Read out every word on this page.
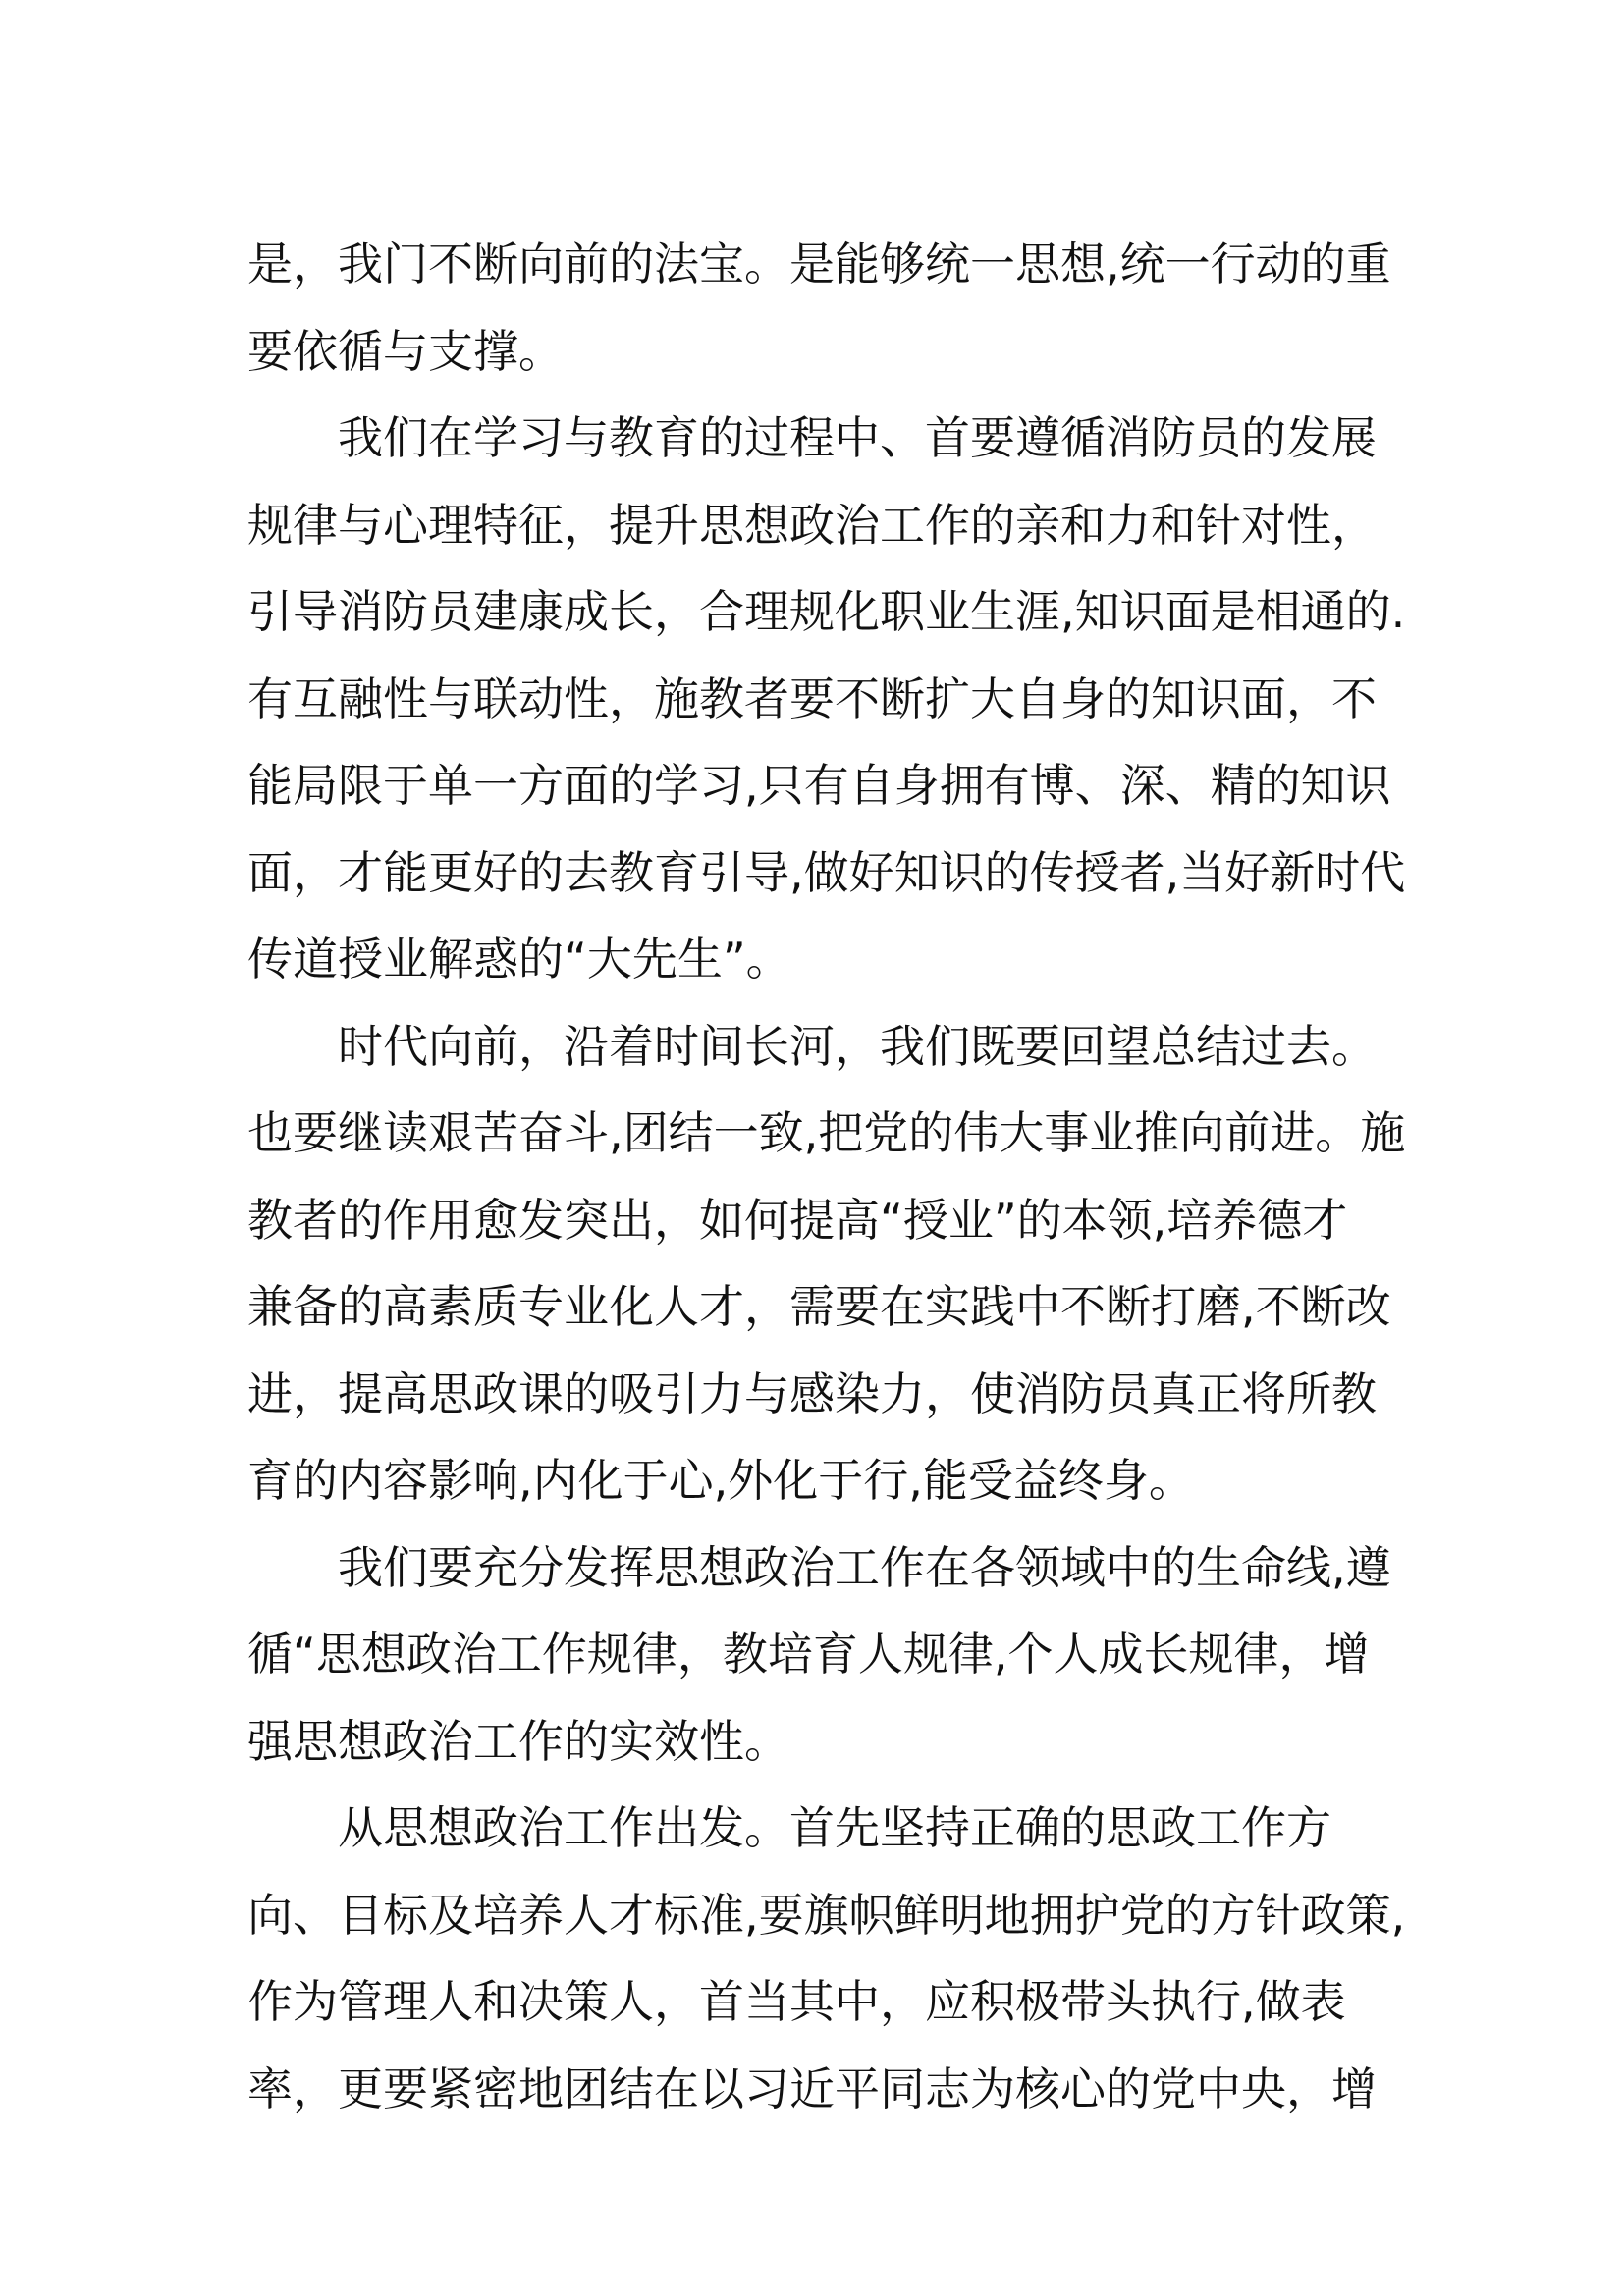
是，我门不断向前的法宝。是能够统一思想,统一行动的重
要依循与支撑。
我们在学习与教育的过程中、首要遵循消防员的发展
规律与心理特征，提升思想政治工作的亲和力和针对性，
引导消防员建康成长，合理规化职业生涯,知识面是相通的.
有互融性与联动性，施教者要不断扩大自身的知识面，不
能局限于单一方面的学习,只有自身拥有博、深、精的知识
面，才能更好的去教育引导,做好知识的传授者,当好新时代
传道授业解惑的“大先生”。
时代向前，沿着时间长河，我们既要回望总结过去。
也要继读艰苦奋斗,团结一致,把党的伟大事业推向前进。施
教者的作用愈发突出，如何提高“授业”的本领,培养德才
兼备的高素质专业化人才，需要在实践中不断打磨,不断改
进，提高思政课的吸引力与感染力，使消防员真正将所教
育的内容影响,内化于心,外化于行,能受益终身。
我们要充分发挥思想政治工作在各领域中的生命线,遵
循“思想政治工作规律，教培育人规律,个人成长规律，增
强思想政治工作的实效性。
从思想政治工作出发。首先坚持正确的思政工作方
向、目标及培养人才标准,要旗帜鲜明地拥护党的方针政策,
作为管理人和决策人，首当其中，应积极带头执行,做表
率，更要紧密地团结在以习近平同志为核心的党中央，增
